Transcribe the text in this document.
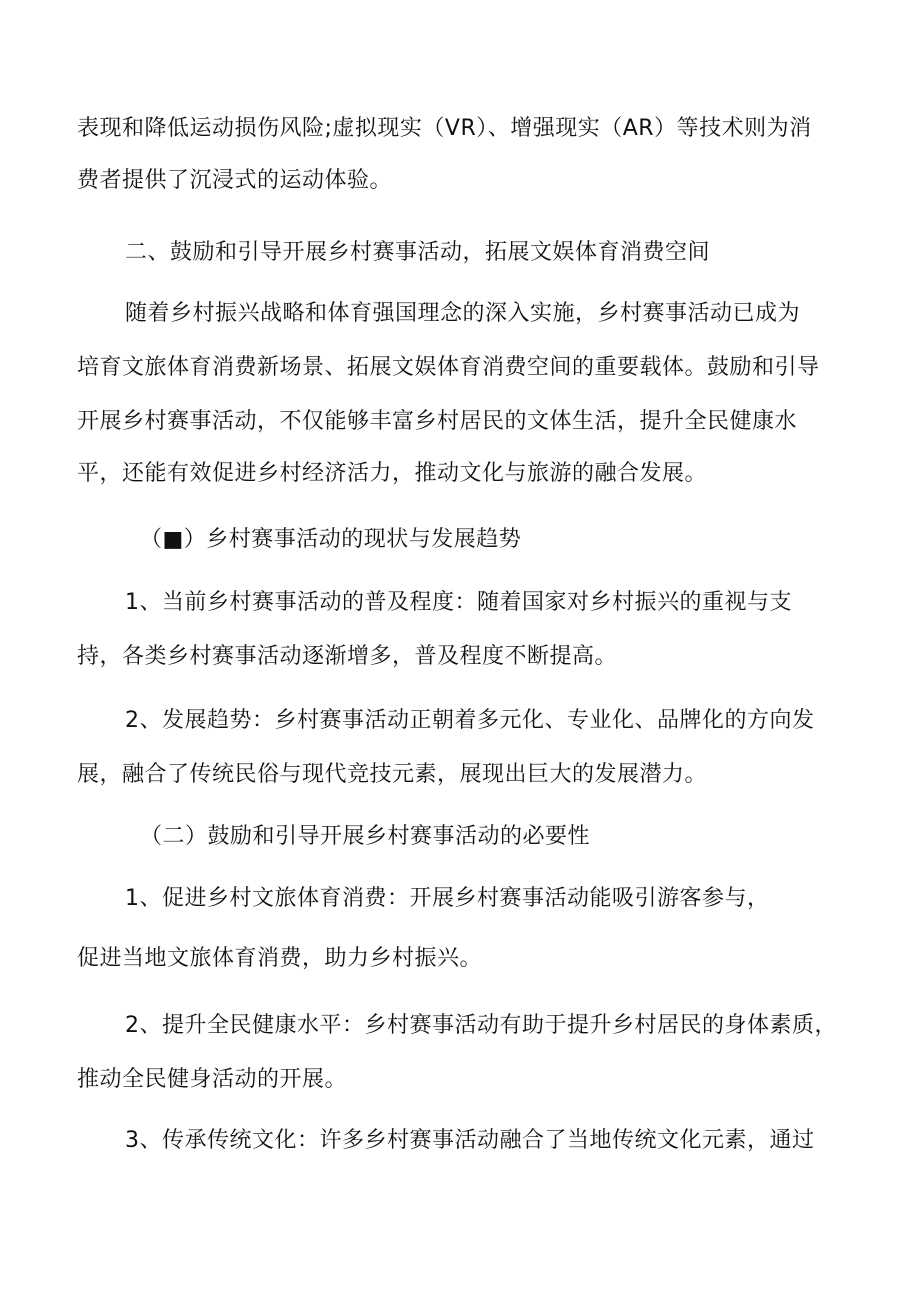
表现和降低运动损伤风险;虚拟现实（VR）、增强现实（AR）等技术则为消
费者提供了沉浸式的运动体验。
二、鼓励和引导开展乡村赛事活动，拓展文娱体育消费空间
随着乡村振兴战略和体育强国理念的深入实施，乡村赛事活动已成为
培育文旅体育消费新场景、拓展文娱体育消费空间的重要载体。鼓励和引导
开展乡村赛事活动，不仅能够丰富乡村居民的文体生活，提升全民健康水
平，还能有效促进乡村经济活力，推动文化与旅游的融合发展。
（■）乡村赛事活动的现状与发展趋势
1、当前乡村赛事活动的普及程度：随着国家对乡村振兴的重视与支
持，各类乡村赛事活动逐渐增多，普及程度不断提高。
2、发展趋势：乡村赛事活动正朝着多元化、专业化、品牌化的方向发
展，融合了传统民俗与现代竞技元素，展现出巨大的发展潜力。
（二）鼓励和引导开展乡村赛事活动的必要性
1、促进乡村文旅体育消费：开展乡村赛事活动能吸引游客参与，
促进当地文旅体育消费，助力乡村振兴。
2、提升全民健康水平：乡村赛事活动有助于提升乡村居民的身体素质，
推动全民健身活动的开展。
3、传承传统文化：许多乡村赛事活动融合了当地传统文化元素，通过
